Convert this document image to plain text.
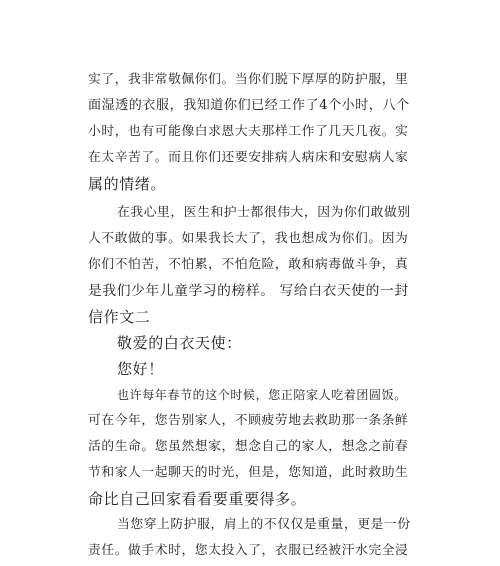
实了，我非常敬佩你们。当你们脱下厚厚的防护服，里
面湿透的衣服，我知道你们已经工作了4个小时，八个
小时，也有可能像白求恩大夫那样工作了几天几夜。实
在太辛苦了。而且你们还要安排病人病床和安慰病人家
属的情绪。
在我心里，医生和护士都很伟大，因为你们敢做别
人不敢做的事。如果我长大了，我也想成为你们。因为
你们不怕苦，不怕累，不怕危险，敢和病毒做斗争，真
是我们少年儿童学习的榜样。 写给白衣天使的一封
信作文二
敬爱的白衣天使：
您好！
也许每年春节的这个时候，您正陪家人吃着团圆饭。
可在今年，您告别家人，不顾疲劳地去救助那一条条鲜
活的生命。您虽然想家，想念自己的家人，想念之前春
节和家人一起聊天的时光，但是，您知道，此时救助生
命比自己回家看看要重要得多。
当您穿上防护服，肩上的不仅仅是重量，更是一份
责任。做手术时，您太投入了，衣服已经被汗水完全浸
